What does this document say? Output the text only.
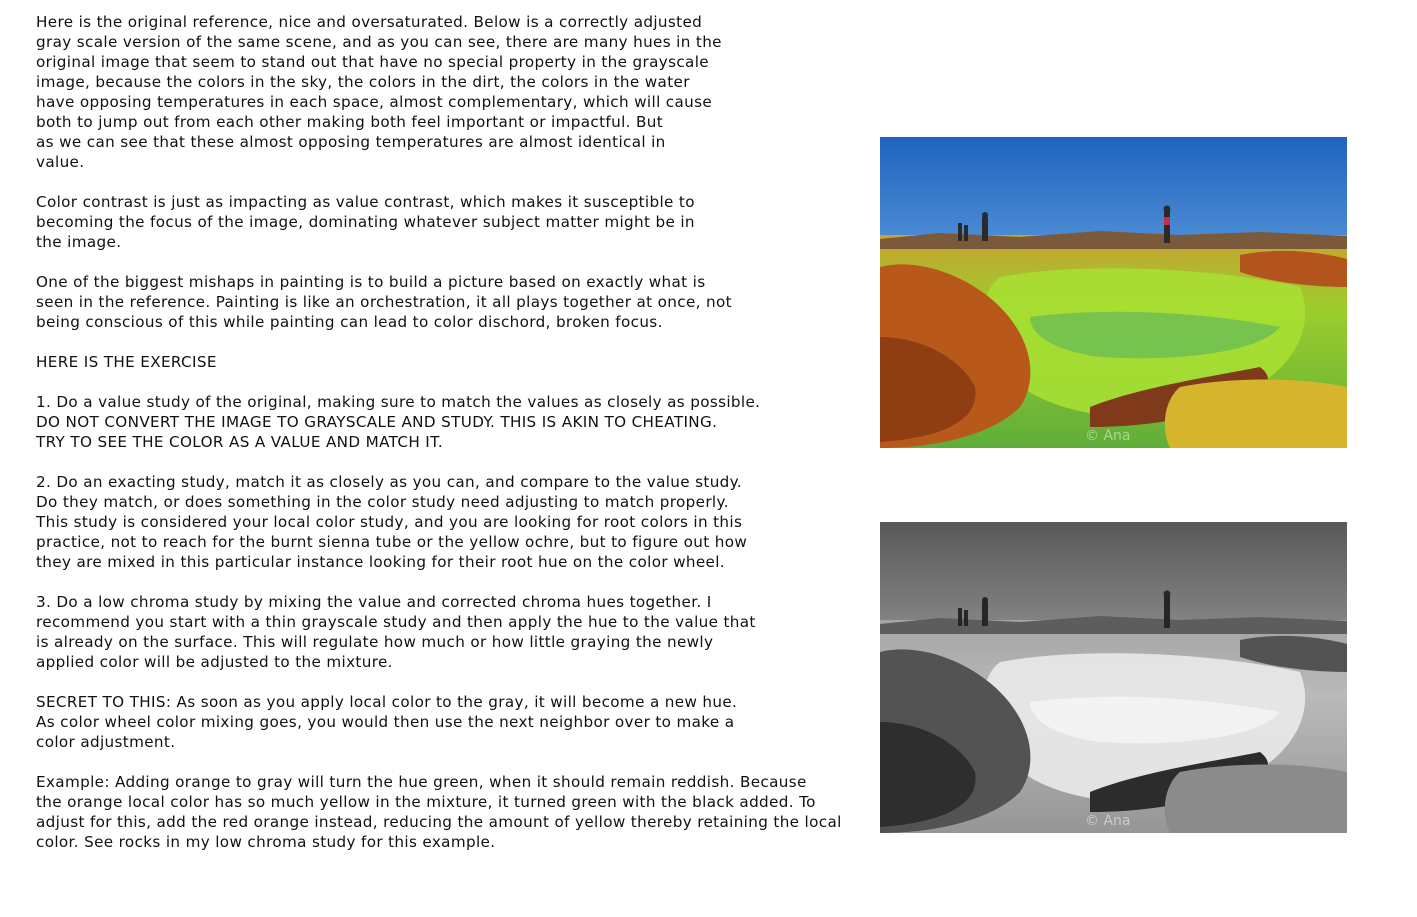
Here is the original reference, nice and oversaturated. Below is a correctly adjusted
gray scale version of the same scene, and as you can see, there are many hues in the
original image that seem to stand out that have no special property in the grayscale
image, because the colors in the sky, the colors in the dirt, the colors in the water
have opposing temperatures in each space, almost complementary, which will cause
both to jump out from each other making both feel important or impactful. But
as we can see that these almost opposing temperatures are almost identical in
value.

Color contrast is just as impacting as value contrast, which makes it susceptible to
becoming the focus of the image, dominating whatever subject matter might be in
the image.

One of the biggest mishaps in painting is to build a picture based on exactly what is
seen in the reference. Painting is like an orchestration, it all plays together at once, not
being conscious of this while painting can lead to color dischord, broken focus.

HERE IS THE EXERCISE

1. Do a value study of the original, making sure to match the values as closely as possible.
DO NOT CONVERT THE IMAGE TO GRAYSCALE AND STUDY. THIS IS AKIN TO CHEATING.
TRY TO SEE THE COLOR AS A VALUE AND MATCH IT.

2. Do an exacting study, match it as closely as you can, and compare to the value study.
Do they match, or does something in the color study need adjusting to match properly.
This study is considered your local color study, and you are looking for root colors in this
practice, not to reach for the burnt sienna tube or the yellow ochre, but to figure out how
they are mixed in this particular instance looking for their root hue on the color wheel.

3. Do a low chroma study by mixing the value and corrected chroma hues together. I
recommend you start with a thin grayscale study and then apply the hue to the value that
is already on the surface. This will regulate how much or how little graying the newly
applied color will be adjusted to the mixture.

SECRET TO THIS: As soon as you apply local color to the gray, it will become a new hue.
As color wheel color mixing goes, you would then use the next neighbor over to make a
color adjustment.

Example: Adding orange to gray will turn the hue green, when it should remain reddish. Because
the orange local color has so much yellow in the mixture, it turned green with the black added. To
adjust for this, add the red orange instead, reducing the amount of yellow thereby retaining the local
color. See rocks in my low chroma study for this example.

© Ana
© Ana
